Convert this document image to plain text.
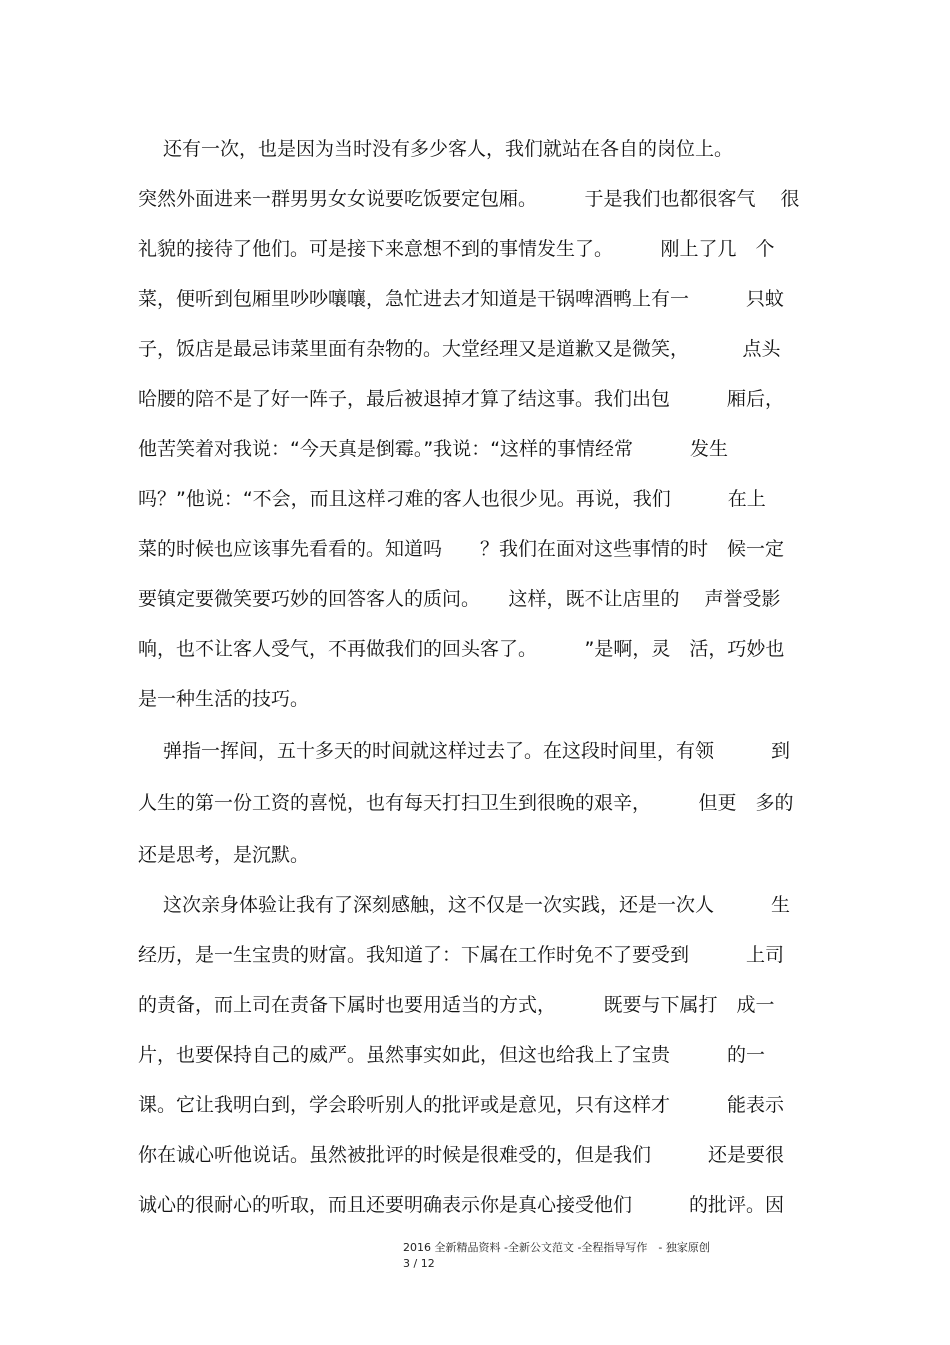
还有一次，也是因为当时没有多少客人，我们就站在各自的岗位上。
突然外面进来一群男男女女说要吃饭要定包厢。　　　于是我们也都很客气　 很
礼貌的接待了他们。可是接下来意想不到的事情发生了。　　　刚上了几　个
菜，便听到包厢里吵吵嚷嚷，急忙进去才知道是干锅啤酒鸭上有一　　　只蚊
子，饭店是最忌讳菜里面有杂物的。大堂经理又是道歉又是微笑，　　　 点头
哈腰的陪不是了好一阵子，最后被退掉才算了结这事。我们出包　　　厢后，
他苦笑着对我说：“今天真是倒霉。”我说：“这样的事情经常　　　发生
吗？”他说：“不会，而且这样刁难的客人也很少见。再说，我们　　　在上
菜的时候也应该事先看看的。知道吗　　？我们在面对这些事情的时　候一定
要镇定要微笑要巧妙的回答客人的质问。　　这样，既不让店里的　 声誉受影
响，也不让客人受气，不再做我们的回头客了。　　　”是啊，灵　活，巧妙也
是一种生活的技巧。
弹指一挥间，五十多天的时间就这样过去了。在这段时间里，有领　　　到
人生的第一份工资的喜悦，也有每天打扫卫生到很晚的艰辛，　　　但更　多的
还是思考，是沉默。
这次亲身体验让我有了深刻感触，这不仅是一次实践，还是一次人　　　生
经历，是一生宝贵的财富。我知道了：下属在工作时免不了要受到　　　上司
的责备，而上司在责备下属时也要用适当的方式，　　　既要与下属打　成一
片，也要保持自己的威严。虽然事实如此，但这也给我上了宝贵　　　的一
课。它让我明白到，学会聆听别人的批评或是意见，只有这样才　　　能表示
你在诚心听他说话。虽然被批评的时候是很难受的，但是我们　　　还是要很
诚心的很耐心的听取，而且还要明确表示你是真心接受他们　　　的批评。因
2016 全新精品资料 -全新公文范文 -全程指导写作　- 独家原创
3 / 12
